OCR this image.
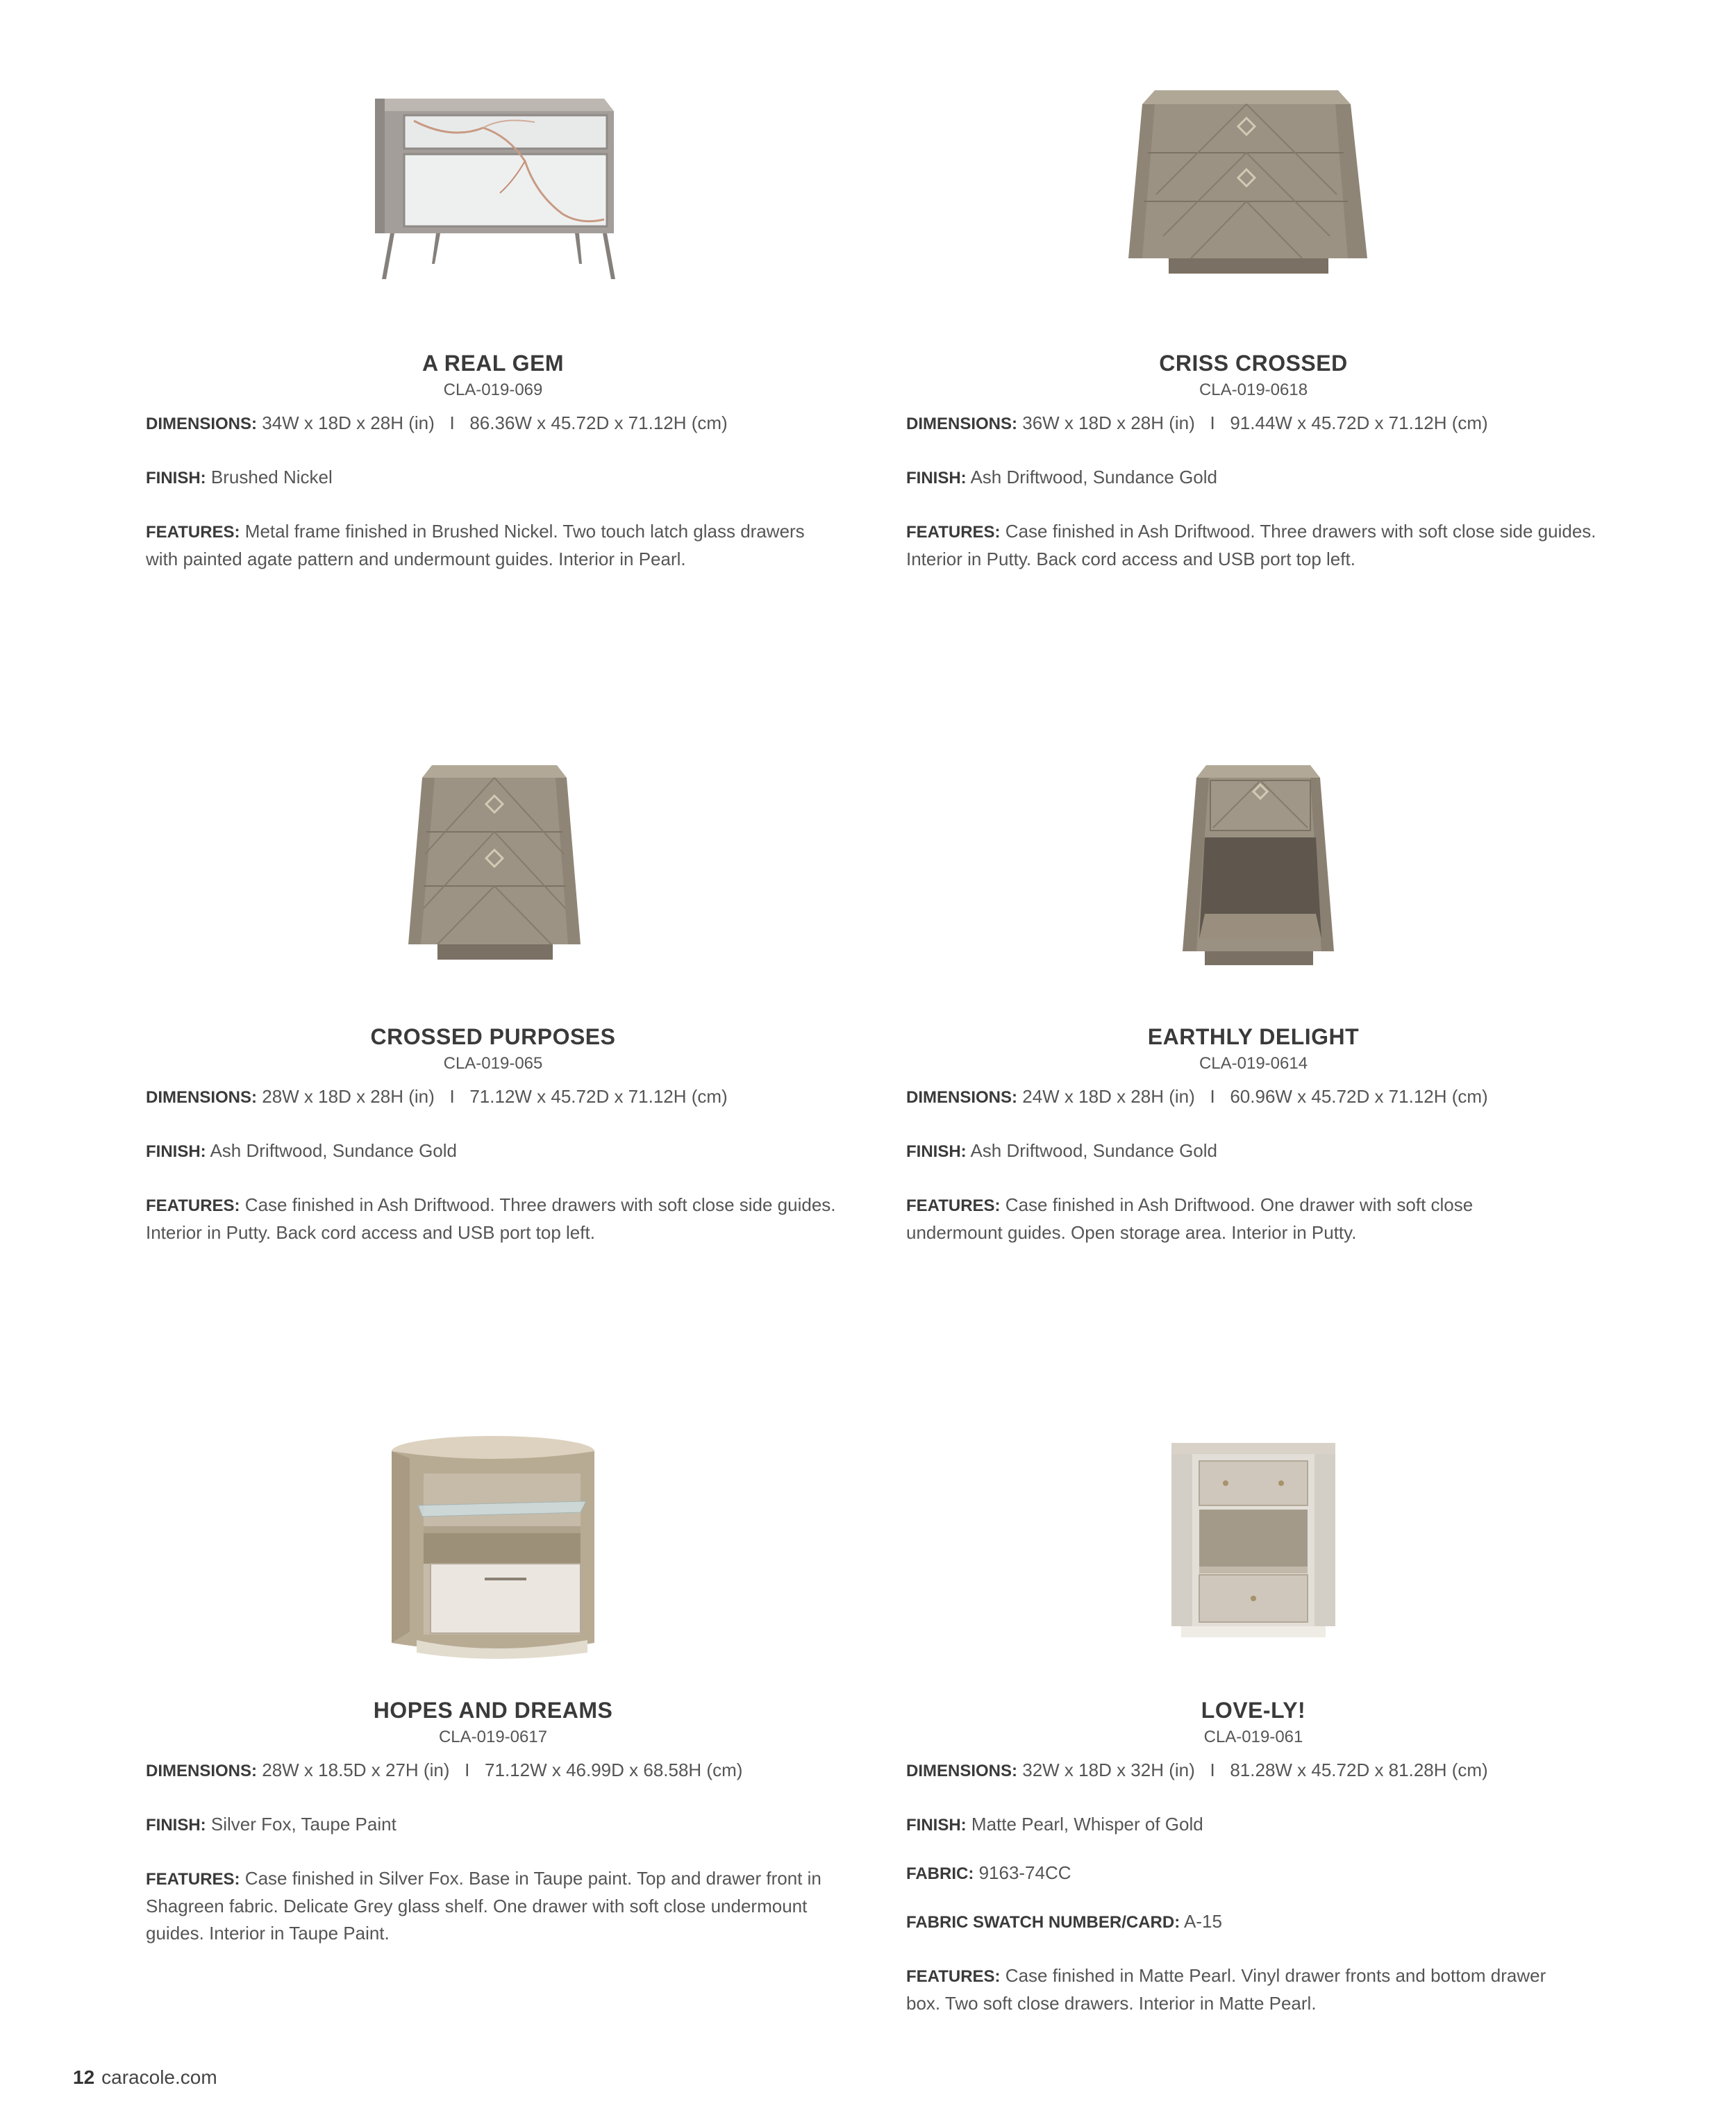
A REAL GEM
CLA-019-069
DIMENSIONS: 34W x 18D x 28H (in)   I   86.36W x 45.72D x 71.12H (cm)
FINISH: Brushed Nickel
FEATURES: Metal frame finished in Brushed Nickel. Two touch latch glass drawers with painted agate pattern and undermount guides. Interior in Pearl.
CRISS CROSSED
CLA-019-0618
DIMENSIONS: 36W x 18D x 28H (in)   I   91.44W x 45.72D x 71.12H (cm)
FINISH: Ash Driftwood, Sundance Gold
FEATURES: Case finished in Ash Driftwood. Three drawers with soft close side guides. Interior in Putty. Back cord access and USB port top left.
CROSSED PURPOSES
CLA-019-065
DIMENSIONS: 28W x 18D x 28H (in)   I   71.12W x 45.72D x 71.12H (cm)
FINISH: Ash Driftwood, Sundance Gold
FEATURES: Case finished in Ash Driftwood. Three drawers with soft close side guides. Interior in Putty. Back cord access and USB port top left.
EARTHLY DELIGHT
CLA-019-0614
DIMENSIONS: 24W x 18D x 28H (in)   I   60.96W x 45.72D x 71.12H (cm)
FINISH: Ash Driftwood, Sundance Gold
FEATURES: Case finished in Ash Driftwood. One drawer with soft close undermount guides. Open storage area. Interior in Putty.
HOPES AND DREAMS
CLA-019-0617
DIMENSIONS: 28W x 18.5D x 27H (in)   I   71.12W x 46.99D x 68.58H (cm)
FINISH: Silver Fox, Taupe Paint
FEATURES: Case finished in Silver Fox. Base in Taupe paint. Top and drawer front in Shagreen fabric. Delicate Grey glass shelf. One drawer with soft close undermount guides. Interior in Taupe Paint.
LOVE-LY!
CLA-019-061
DIMENSIONS: 32W x 18D x 32H (in)   I   81.28W x 45.72D x 81.28H (cm)
FINISH: Matte Pearl, Whisper of Gold
FABRIC: 9163-74CC
FABRIC SWATCH NUMBER/CARD: A-15
FEATURES: Case finished in Matte Pearl. Vinyl drawer fronts and bottom drawer box. Two soft close drawers. Interior in Matte Pearl.
12 caracole.com
